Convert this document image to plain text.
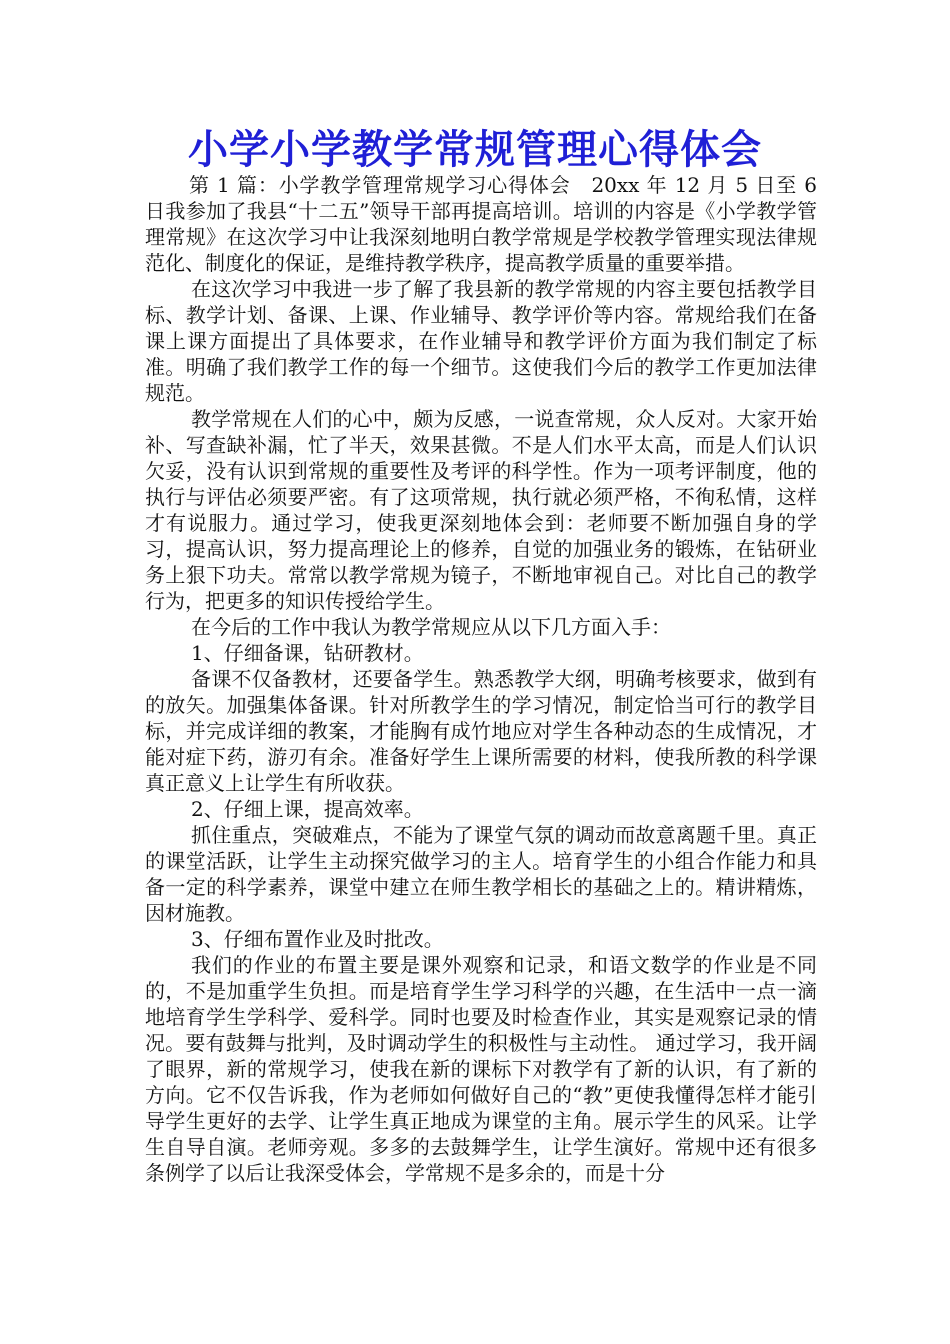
小学小学教学常规管理心得体会

第 1 篇：小学教学管理常规学习心得体会　20xx 年 12 月 5 日至 6 日我参加了我县“十二五”领导干部再提高培训。培训的内容是《小学教学管理常规》在这次学习中让我深刻地明白教学常规是学校教学管理实现法律规范化、制度化的保证，是维持教学秩序，提高教学质量的重要举措。

在这次学习中我进一步了解了我县新的教学常规的内容主要包括教学目标、教学计划、备课、上课、作业辅导、教学评价等内容。常规给我们在备课上课方面提出了具体要求，在作业辅导和教学评价方面为我们制定了标准。明确了我们教学工作的每一个细节。这使我们今后的教学工作更加法律规范。

教学常规在人们的心中，颇为反感，一说查常规，众人反对。大家开始补、写查缺补漏，忙了半天，效果甚微。不是人们水平太高，而是人们认识欠妥，没有认识到常规的重要性及考评的科学性。作为一项考评制度，他的执行与评估必须要严密。有了这项常规，执行就必须严格，不徇私情，这样才有说服力。通过学习，使我更深刻地体会到：老师要不断加强自身的学习，提高认识，努力提高理论上的修养，自觉的加强业务的锻炼，在钻研业务上狠下功夫。常常以教学常规为镜子，不断地审视自己。对比自己的教学行为，把更多的知识传授给学生。

在今后的工作中我认为教学常规应从以下几方面入手：

1、仔细备课，钻研教材。

备课不仅备教材，还要备学生。熟悉教学大纲，明确考核要求，做到有的放矢。加强集体备课。针对所教学生的学习情况，制定恰当可行的教学目标，并完成详细的教案，才能胸有成竹地应对学生各种动态的生成情况，才能对症下药，游刃有余。准备好学生上课所需要的材料，使我所教的科学课真正意义上让学生有所收获。

2、仔细上课，提高效率。

抓住重点，突破难点，不能为了课堂气氛的调动而故意离题千里。真正的课堂活跃，让学生主动探究做学习的主人。培育学生的小组合作能力和具备一定的科学素养，课堂中建立在师生教学相长的基础之上的。精讲精炼，因材施教。

3、仔细布置作业及时批改。

我们的作业的布置主要是课外观察和记录，和语文数学的作业是不同的，不是加重学生负担。而是培育学生学习科学的兴趣，在生活中一点一滴地培育学生学科学、爱科学。同时也要及时检查作业，其实是观察记录的情况。要有鼓舞与批判，及时调动学生的积极性与主动性。 通过学习，我开阔了眼界，新的常规学习，使我在新的课标下对教学有了新的认识，有了新的方向。它不仅告诉我，作为老师如何做好自己的“教”更使我懂得怎样才能引导学生更好的去学、让学生真正地成为课堂的主角。展示学生的风采。让学生自导自演。老师旁观。多多的去鼓舞学生，让学生演好。常规中还有很多条例学了以后让我深受体会，学常规不是多余的，而是十分
